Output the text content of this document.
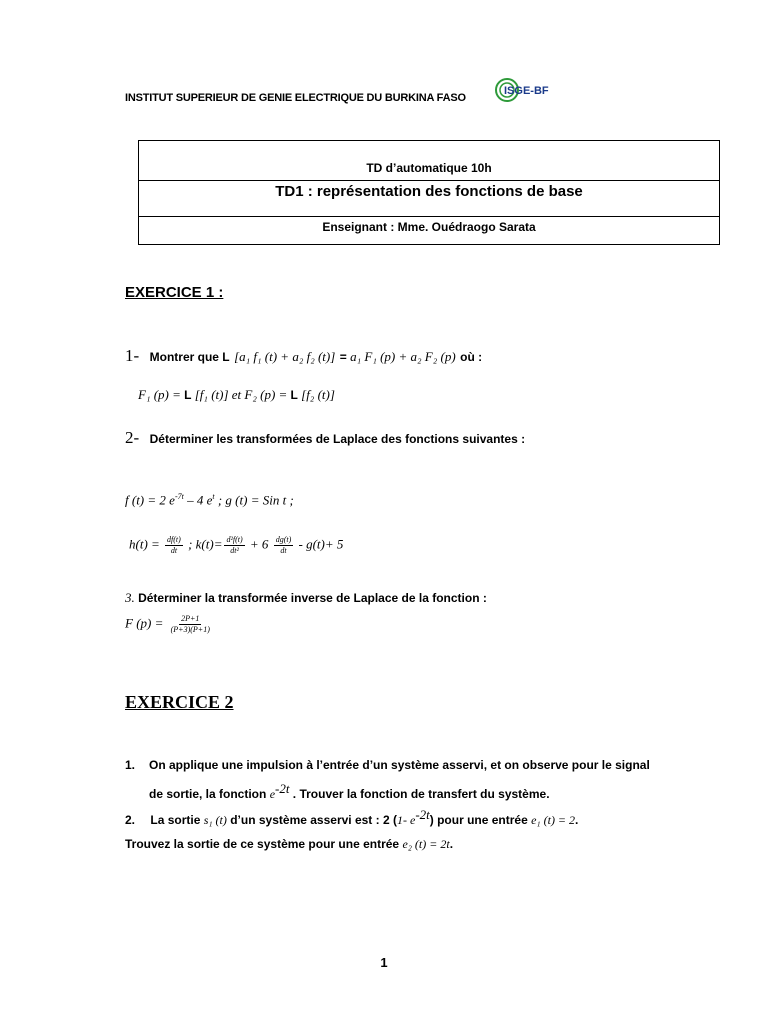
INSTITUT SUPERIEUR DE GENIE ELECTRIQUE DU BURKINA FASO
ISGE-BF
TD d’automatique 10h
TD1 : représentation des fonctions de base
Enseignant : Mme. Ouédraogo Sarata
EXERCICE 1 :
1- Montrer que L [a₁ f₁ (t) + a₂ f₂ (t)] = a₁ F₁ (p) + a₂ F₂ (p) où :
F₁ (p) = L [f₁ (t)] et F₂ (p) = L [f₂ (t)]
2- Déterminer les transformées de Laplace des fonctions suivantes :
f (t) = 2 $e^{-7t} - 4$ $e^t$ ; g (t) = Sin t ;
$h(t) = \frac{df(t)}{dt}$ ; $k(t)= \frac{\text{d²f(t)}}{\text{dt²}} + 6 \frac{dg(t)}{dt} - g(t)+ 5$
3. Déterminer la transformée inverse de Laplace de la fonction :
F $(p) = \frac{2P+1}{(P+3)(P+1)}$
EXERCICE 2
1. On applique une impulsion à l’entrée d’un système asservi, et on observe pour le signal
de sortie, la fonction $e^{-2t}$ . Trouver la fonction de transfert du système.
2. La sortie s₁ (t) d’un système asservi est : 2 (1- $e^{-2t}$) pour une entrée e₁ (t) = 2.
Trouvez la sortie de ce système pour une entrée e₂ (t) = 2t.
1
